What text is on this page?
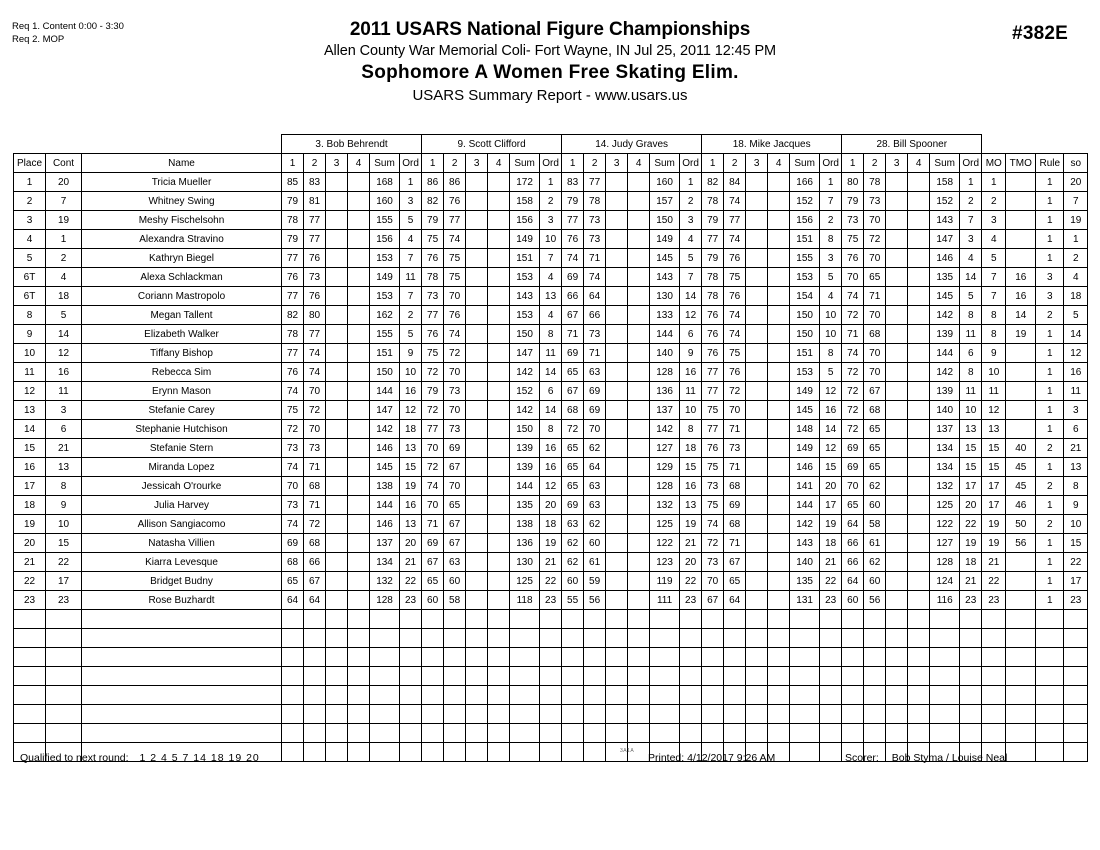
Req 1. Content 0:00 - 3:30
Req 2. MOP	2011 USARS National Figure Championships
Allen County War Memorial Coli- Fort Wayne, IN Jul 25, 2011 12:45 PM
Sophomore A Women Free Skating Elim.
USARS Summary Report - www.usars.us
#382E
			3. Bob Behrendt						9. Scott Clifford						14. Judy Graves						18. Mike Jacques						28. Bill Spooner									
Place	Cont	Name	1	2	3	4	Sum	Ord	1	2	3	4	Sum	Ord	1	2	3	4	Sum	Ord	1	2	3	4	Sum	Ord	1	2	3	4	Sum	Ord	MO	TMO	Rule	so
1	20	Tricia Mueller	85	83			168	1	86	86			172	1	83	77			160	1	82	84			166	1	80	78			158	1	1		1	20
2	7	Whitney Swing	79	81			160	3	82	76			158	2	79	78			157	2	78	74			152	7	79	73			152	2	2		1	7
3	19	Meshy Fischelsohn	78	77			155	5	79	77			156	3	77	73			150	3	79	77			156	2	73	70			143	7	3		1	19
4	1	Alexandra Stravino	79	77			156	4	75	74			149	10	76	73			149	4	77	74			151	8	75	72			147	3	4		1	1
5	2	Kathryn Biegel	77	76			153	7	76	75			151	7	74	71			145	5	79	76			155	3	76	70			146	4	5		1	2
6T	4	Alexa Schlackman	76	73			149	11	78	75			153	4	69	74			143	7	78	75			153	5	70	65			135	14	7	16	3	4
6T	18	Coriann Mastropolo	77	76			153	7	73	70			143	13	66	64			130	14	78	76			154	4	74	71			145	5	7	16	3	18
8	5	Megan Tallent	82	80			162	2	77	76			153	4	67	66			133	12	76	74			150	10	72	70			142	8	8	14	2	5
9	14	Elizabeth Walker	78	77			155	5	76	74			150	8	71	73			144	6	76	74			150	10	71	68			139	11	8	19	1	14
10	12	Tiffany Bishop	77	74			151	9	75	72			147	11	69	71			140	9	76	75			151	8	74	70			144	6	9		1	12
11	16	Rebecca Sim	76	74			150	10	72	70			142	14	65	63			128	16	77	76			153	5	72	70			142	8	10		1	16
12	11	Erynn Mason	74	70			144	16	79	73			152	6	67	69			136	11	77	72			149	12	72	67			139	11	11		1	11
13	3	Stefanie Carey	75	72			147	12	72	70			142	14	68	69			137	10	75	70			145	16	72	68			140	10	12		1	3
14	6	Stephanie Hutchison	72	70			142	18	77	73			150	8	72	70			142	8	77	71			148	14	72	65			137	13	13		1	6
15	21	Stefanie Stern	73	73			146	13	70	69			139	16	65	62			127	18	76	73			149	12	69	65			134	15	15	40	2	21
16	13	Miranda Lopez	74	71			145	15	72	67			139	16	65	64			129	15	75	71			146	15	69	65			134	15	15	45	1	13
17	8	Jessicah O'rourke	70	68			138	19	74	70			144	12	65	63			128	16	73	68			141	20	70	62			132	17	17	45	2	8
18	9	Julia Harvey	73	71			144	16	70	65			135	20	69	63			132	13	75	69			144	17	65	60			125	20	17	46	1	9
19	10	Allison Sangiacomo	74	72			146	13	71	67			138	18	63	62			125	19	74	68			142	19	64	58			122	22	19	50	2	10
20	15	Natasha Villien	69	68			137	20	69	67			136	19	62	60			122	21	72	71			143	18	66	61			127	19	19	56	1	15
21	22	Kiarra Levesque	68	66			134	21	67	63			130	21	62	61			123	20	73	67			140	21	66	62			128	18	21		1	22
22	17	Bridget Budny	65	67			132	22	65	60			125	22	60	59			119	22	70	65			135	22	64	60			124	21	22		1	17
23	23	Rose Buzhardt	64	64			128	23	60	58			118	23	55	56			111	23	67	64			131	23	60	56			116	23	23		1	23

Qualified to next round: 1 2 4 5 7 14 18 19 20
3A1A
Printed: 4/12/2017 9:26 AM	Scorer: Bob Styma / Louise Neal
